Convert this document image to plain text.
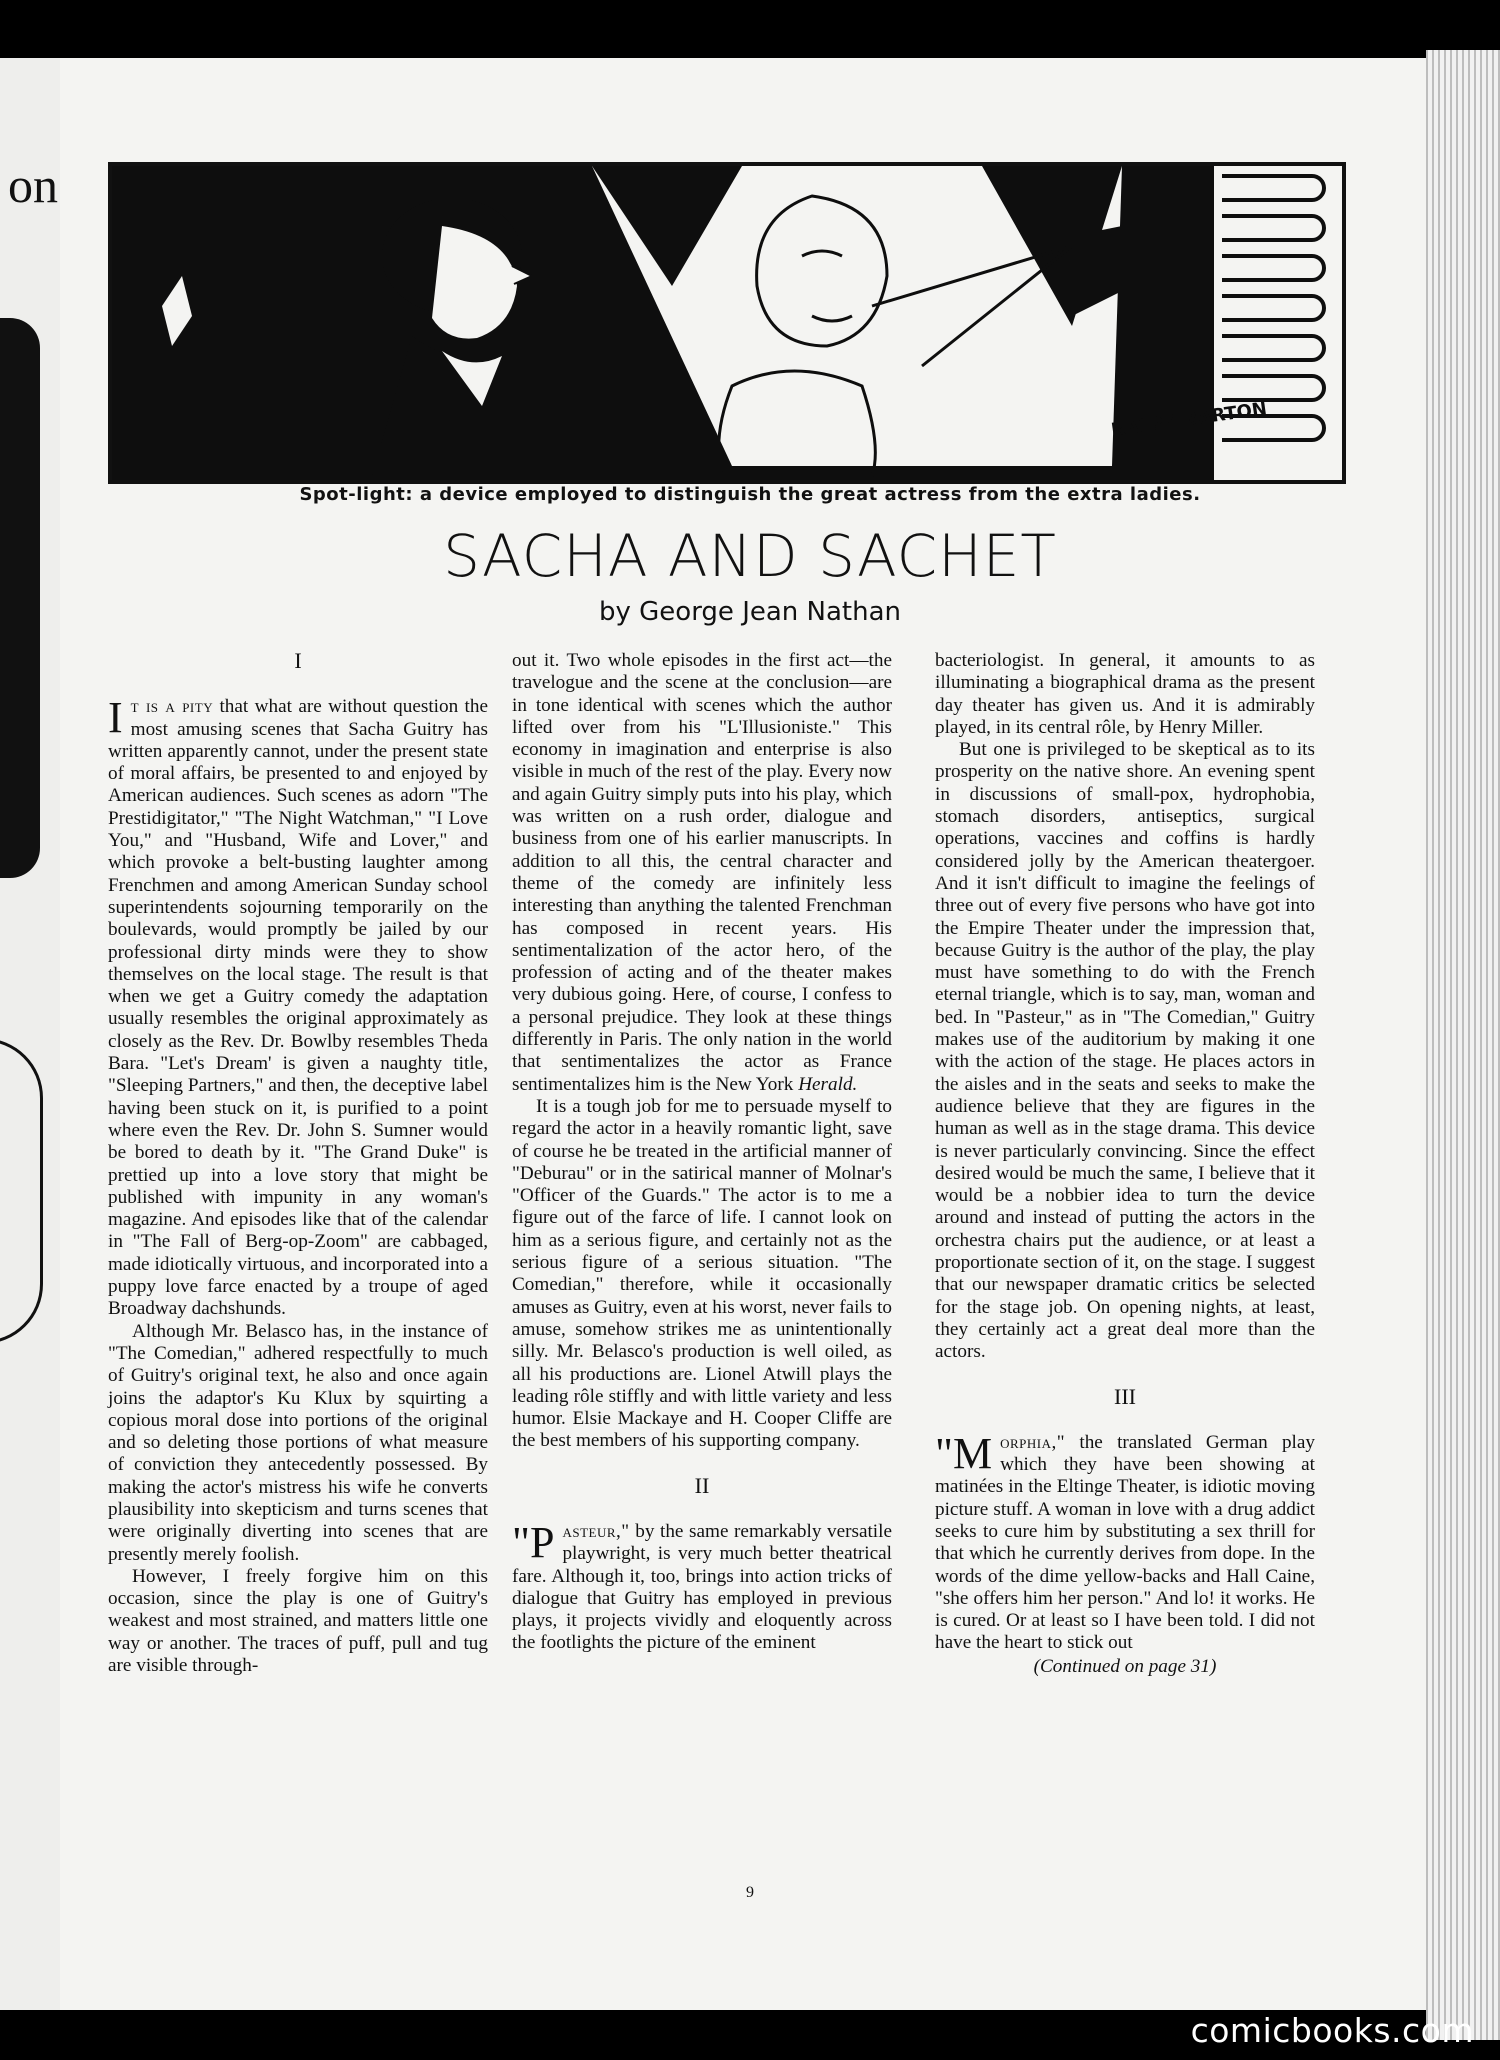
on
RALPH BARTON
Spot-light: a device employed to distinguish the great actress from the extra ladies.
SACHA AND SACHET
by George Jean Nathan
I

It is a pity that what are without question the most amusing scenes that Sacha Guitry has written apparently cannot, under the present state of moral affairs, be presented to and enjoyed by American audiences. Such scenes as adorn "The Prestidigitator," "The Night Watchman," "I Love You," and "Husband, Wife and Lover," and which provoke a belt-busting laughter among Frenchmen and among American Sunday school superintendents sojourning temporarily on the boulevards, would promptly be jailed by our professional dirty minds were they to show themselves on the local stage. The result is that when we get a Guitry comedy the adaptation usually resembles the original approximately as closely as the Rev. Dr. Bowlby resembles Theda Bara. "Let's Dream' is given a naughty title, "Sleeping Partners," and then, the deceptive label having been stuck on it, is purified to a point where even the Rev. Dr. John S. Sumner would be bored to death by it. "The Grand Duke" is prettied up into a love story that might be published with impunity in any woman's magazine. And episodes like that of the calendar in "The Fall of Berg-op-Zoom" are cabbaged, made idiotically virtuous, and incorporated into a puppy love farce enacted by a troupe of aged Broadway dachshunds.

Although Mr. Belasco has, in the instance of "The Comedian," adhered respectfully to much of Guitry's original text, he also and once again joins the adaptor's Ku Klux by squirting a copious moral dose into portions of the original and so deleting those portions of what measure of conviction they antecedently possessed. By making the actor's mistress his wife he converts plausibility into skepticism and turns scenes that were originally diverting into scenes that are presently merely foolish.

However, I freely forgive him on this occasion, since the play is one of Guitry's weakest and most strained, and matters little one way or another. The traces of puff, pull and tug are visible through-

out it. Two whole episodes in the first act—the travelogue and the scene at the conclusion—are in tone identical with scenes which the author lifted over from his "L'Illusioniste." This economy in imagination and enterprise is also visible in much of the rest of the play. Every now and again Guitry simply puts into his play, which was written on a rush order, dialogue and business from one of his earlier manuscripts. In addition to all this, the central character and theme of the comedy are infinitely less interesting than anything the talented Frenchman has composed in recent years. His sentimentalization of the actor hero, of the profession of acting and of the theater makes very dubious going. Here, of course, I confess to a personal prejudice. They look at these things differently in Paris. The only nation in the world that sentimentalizes the actor as France sentimentalizes him is the New York Herald.

It is a tough job for me to persuade myself to regard the actor in a heavily romantic light, save of course he be treated in the artificial manner of "Deburau" or in the satirical manner of Molnar's "Officer of the Guards." The actor is to me a figure out of the farce of life. I cannot look on him as a serious figure, and certainly not as the serious figure of a serious situation. "The Comedian," therefore, while it occasionally amuses as Guitry, even at his worst, never fails to amuse, somehow strikes me as unintentionally silly. Mr. Belasco's production is well oiled, as all his productions are. Lionel Atwill plays the leading rôle stiffly and with little variety and less humor. Elsie Mackaye and H. Cooper Cliffe are the best members of his supporting company.

II

"P asteur," by the same remarkably versatile playwright, is very much better theatrical fare. Although it, too, brings into action tricks of dialogue that Guitry has employed in previous plays, it projects vividly and eloquently across the footlights the picture of the eminent

bacteriologist. In general, it amounts to as illuminating a biographical drama as the present day theater has given us. And it is admirably played, in its central rôle, by Henry Miller.

But one is privileged to be skeptical as to its prosperity on the native shore. An evening spent in discussions of small-pox, hydrophobia, stomach disorders, antiseptics, surgical operations, vaccines and coffins is hardly considered jolly by the American theatergoer. And it isn't difficult to imagine the feelings of three out of every five persons who have got into the Empire Theater under the impression that, because Guitry is the author of the play, the play must have something to do with the French eternal triangle, which is to say, man, woman and bed. In "Pasteur," as in "The Comedian," Guitry makes use of the auditorium by making it one with the action of the stage. He places actors in the aisles and in the seats and seeks to make the audience believe that they are figures in the human as well as in the stage drama. This device is never particularly convincing. Since the effect desired would be much the same, I believe that it would be a nobbier idea to turn the device around and instead of putting the actors in the orchestra chairs put the audience, or at least a proportionate section of it, on the stage. I suggest that our newspaper dramatic critics be selected for the stage job. On opening nights, at least, they certainly act a great deal more than the actors.

III

"M orphia," the translated German play which they have been showing at matinées in the Eltinge Theater, is idiotic moving picture stuff. A woman in love with a drug addict seeks to cure him by substituting a sex thrill for that which he currently derives from dope. In the words of the dime yellow-backs and Hall Caine, "she offers him her person." And lo! it works. He is cured. Or at least so I have been told. I did not have the heart to stick out

(Continued on page 31)
9
comicbooks.com
